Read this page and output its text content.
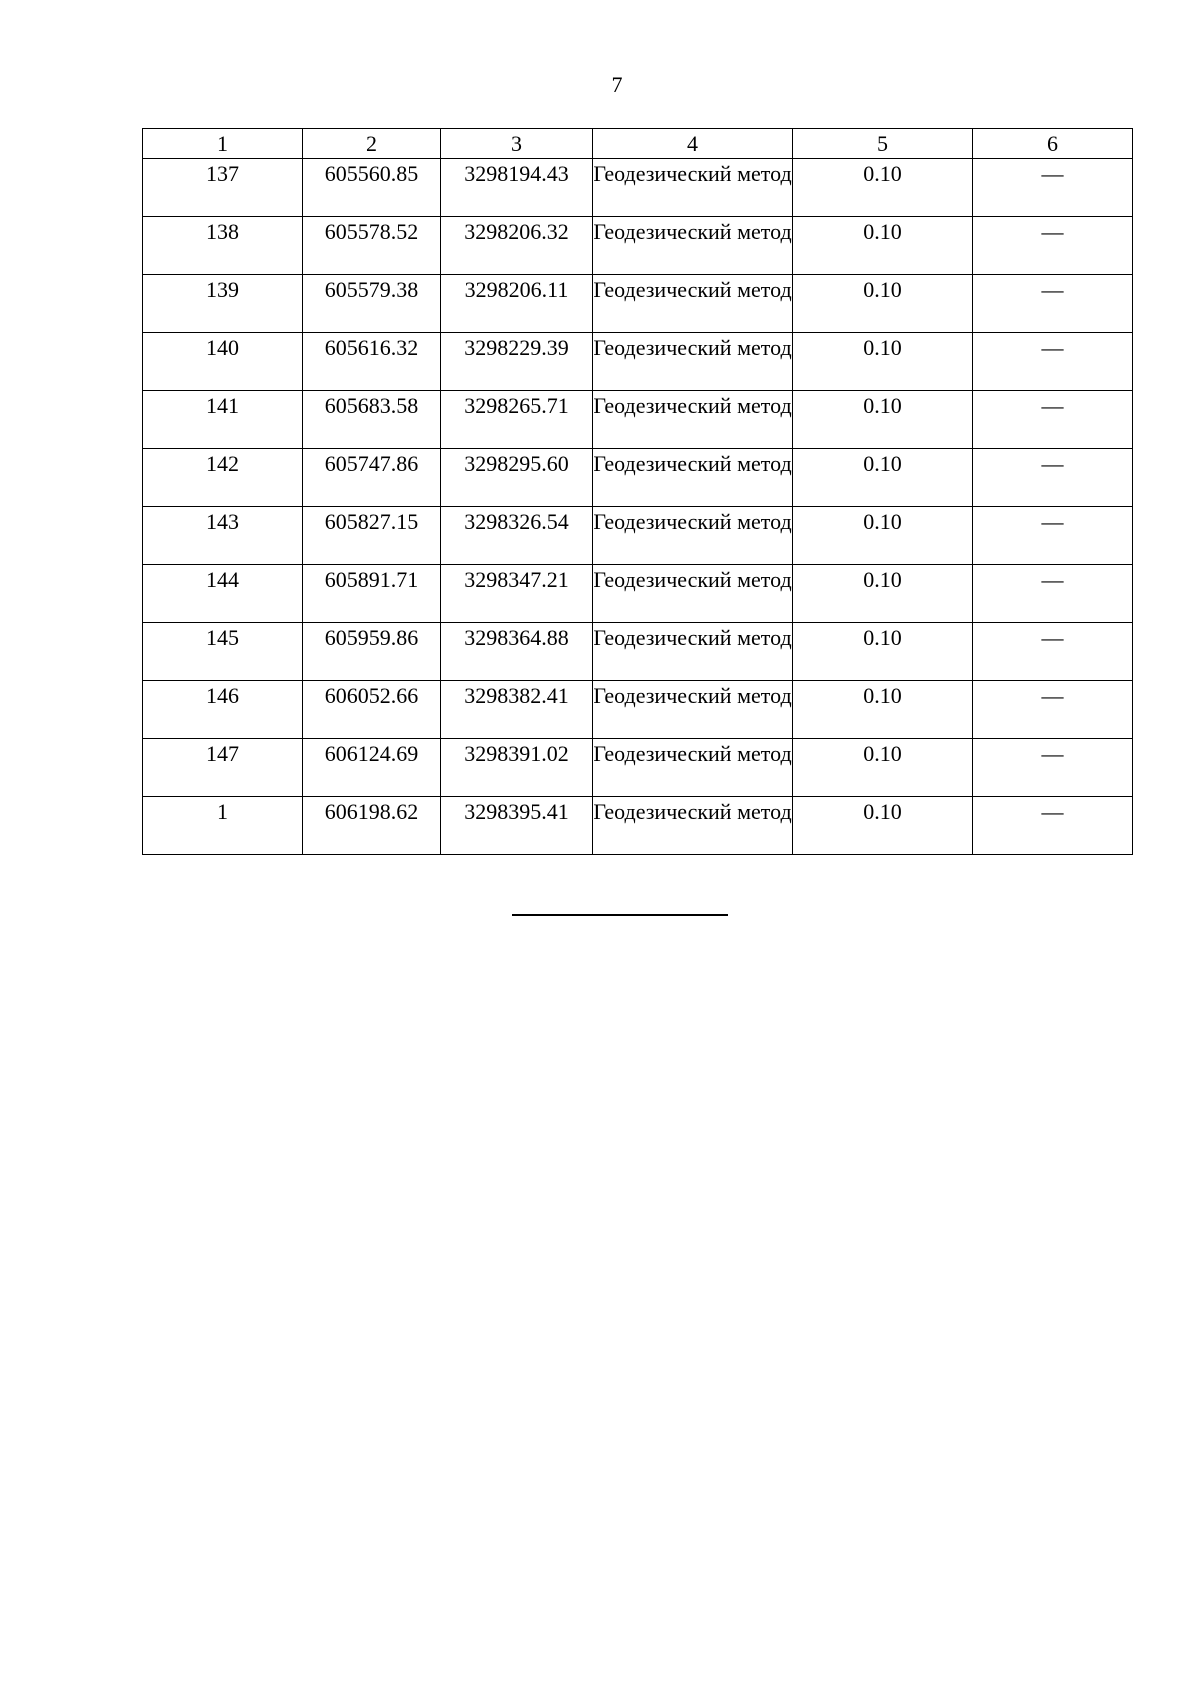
7
1	2	3	4	5	6

137	605560.85	3298194.43	Геодезический метод	0.10	—

138	605578.52	3298206.32	Геодезический метод	0.10	—

139	605579.38	3298206.11	Геодезический метод	0.10	—

140	605616.32	3298229.39	Геодезический метод	0.10	—

141	605683.58	3298265.71	Геодезический метод	0.10	—

142	605747.86	3298295.60	Геодезический метод	0.10	—

143	605827.15	3298326.54	Геодезический метод	0.10	—

144	605891.71	3298347.21	Геодезический метод	0.10	—

145	605959.86	3298364.88	Геодезический метод	0.10	—

146	606052.66	3298382.41	Геодезический метод	0.10	—

147	606124.69	3298391.02	Геодезический метод	0.10	—

1	606198.62	3298395.41	Геодезический метод	0.10	—
